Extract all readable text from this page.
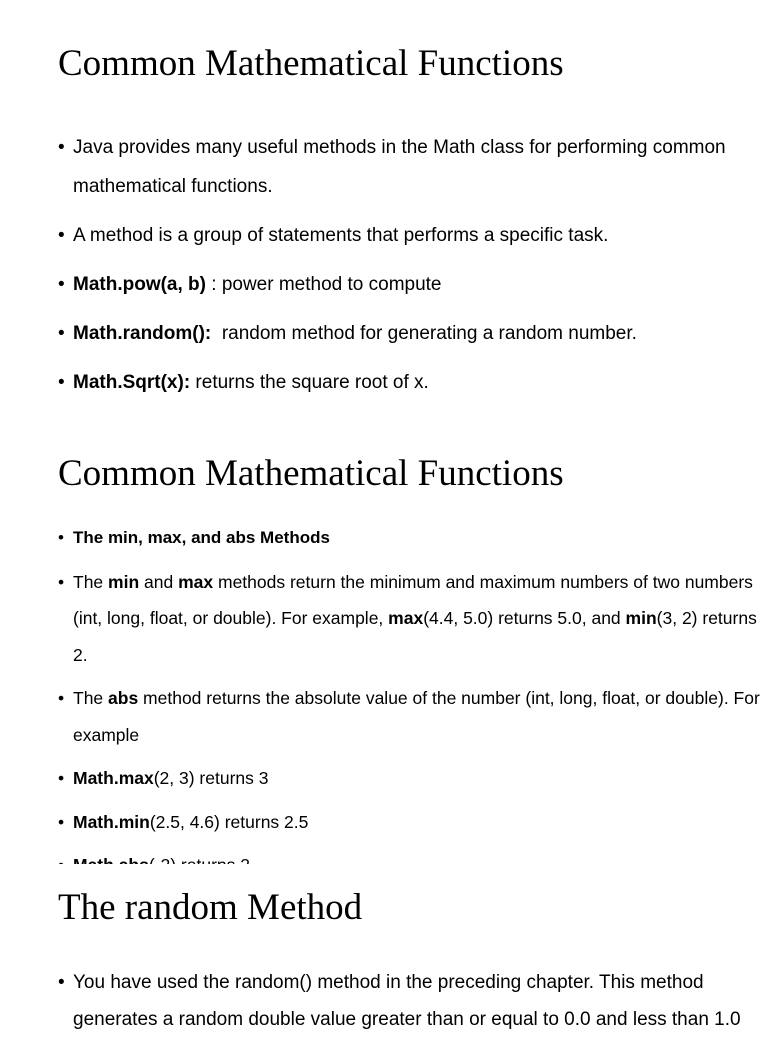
Common Mathematical Functions
• Java provides many useful methods in the Math class for performing common mathematical functions.
• A method is a group of statements that performs a specific task.
• Math.pow(a, b) : power method to compute
• Math.random():  random method for generating a random number.
• Math.Sqrt(x): returns the square root of x.
Common Mathematical Functions
• The min, max, and abs Methods
• The min and max methods return the minimum and maximum numbers of two numbers (int, long, float, or double). For example, max(4.4, 5.0) returns 5.0, and min(3, 2) returns 2.
• The abs method returns the absolute value of the number (int, long, float, or double). For example
• Math.max(2, 3) returns 3
• Math.min(2.5, 4.6) returns 2.5
•
The random Method
• You have used the random() method in the preceding chapter. This method generates a random double value greater than or equal to 0.0 and less than 1.0
